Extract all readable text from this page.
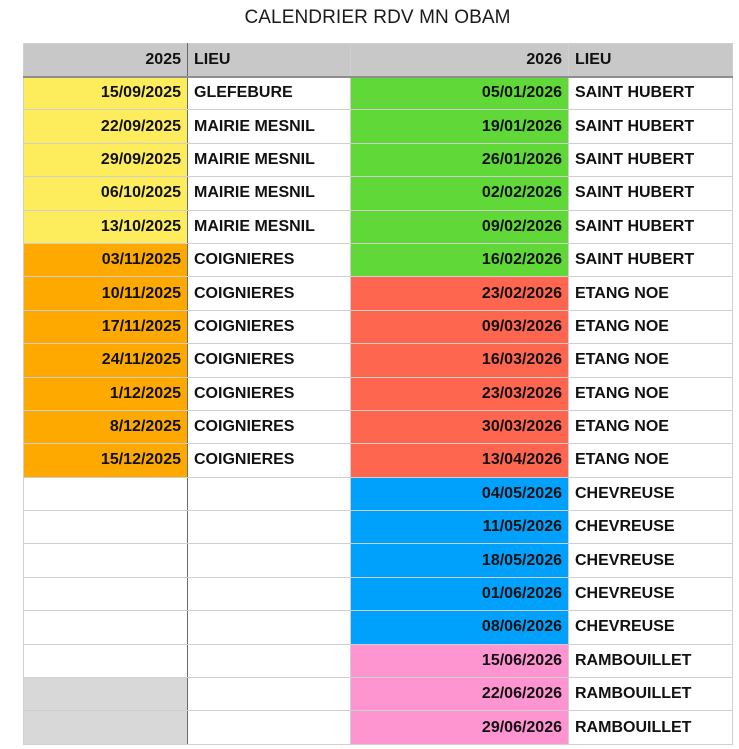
CALENDRIER RDV MN OBAM
2025	LIEU	2026	LIEU
15/09/2025	GLEFEBURE	05/01/2026	SAINT HUBERT
22/09/2025	MAIRIE MESNIL	19/01/2026	SAINT HUBERT
29/09/2025	MAIRIE MESNIL	26/01/2026	SAINT HUBERT
06/10/2025	MAIRIE MESNIL	02/02/2026	SAINT HUBERT
13/10/2025	MAIRIE MESNIL	09/02/2026	SAINT HUBERT
03/11/2025	COIGNIERES	16/02/2026	SAINT HUBERT
10/11/2025	COIGNIERES	23/02/2026	ETANG NOE
17/11/2025	COIGNIERES	09/03/2026	ETANG NOE
24/11/2025	COIGNIERES	16/03/2026	ETANG NOE
1/12/2025	COIGNIERES	23/03/2026	ETANG NOE
8/12/2025	COIGNIERES	30/03/2026	ETANG NOE
15/12/2025	COIGNIERES	13/04/2026	ETANG NOE
		04/05/2026	CHEVREUSE
		11/05/2026	CHEVREUSE
		18/05/2026	CHEVREUSE
		01/06/2026	CHEVREUSE
		08/06/2026	CHEVREUSE
		15/06/2026	RAMBOUILLET
		22/06/2026	RAMBOUILLET
		29/06/2026	RAMBOUILLET
